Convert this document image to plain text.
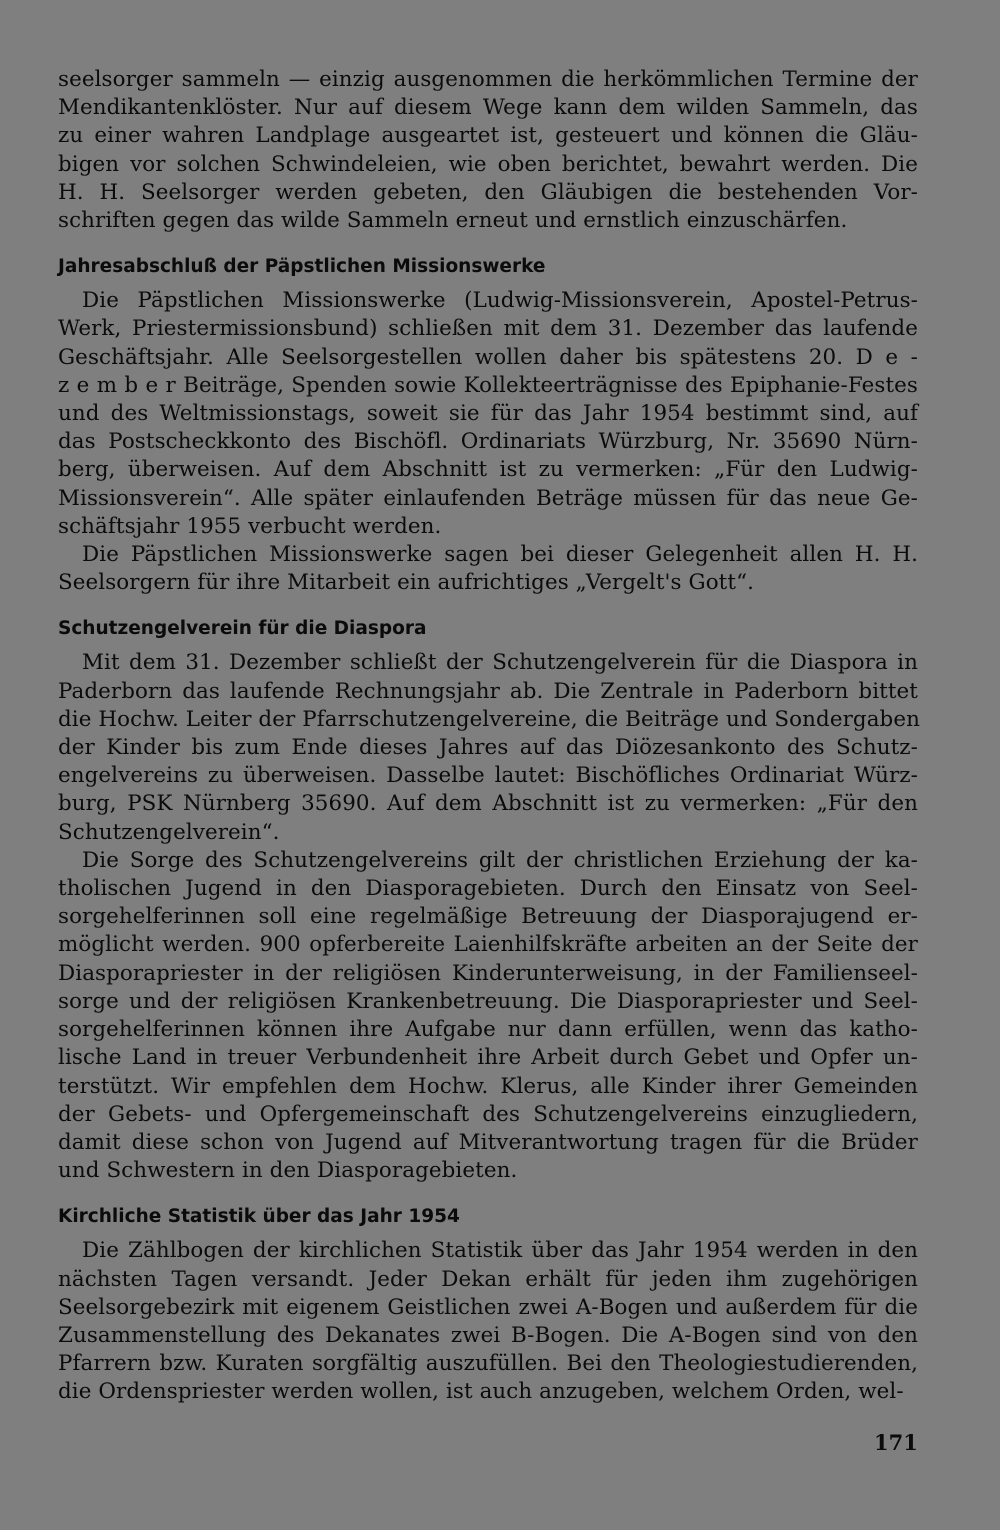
seelsorger sammeln — einzig ausgenommen die herkömmlichen Termine der
Mendikantenklöster. Nur auf diesem Wege kann dem wilden Sammeln, das
zu einer wahren Landplage ausgeartet ist, gesteuert und können die Gläu-
bigen vor solchen Schwindeleien, wie oben berichtet, bewahrt werden. Die
H. H. Seelsorger werden gebeten, den Gläubigen die bestehenden Vor-
schriften gegen das wilde Sammeln erneut und ernstlich einzuschärfen.

Jahresabschluß der Päpstlichen Missionswerke

Die Päpstlichen Missionswerke (Ludwig-Missionsverein, Apostel-Petrus-
Werk, Priestermissionsbund) schließen mit dem 31. Dezember das laufende
Geschäftsjahr. Alle Seelsorgestellen wollen daher bis spätestens 20. D e -
z e m b e r Beiträge, Spenden sowie Kollekteerträgnisse des Epiphanie-Festes
und des Weltmissionstags, soweit sie für das Jahr 1954 bestimmt sind, auf
das Postscheckkonto des Bischöfl. Ordinariats Würzburg, Nr. 35690 Nürn-
berg, überweisen. Auf dem Abschnitt ist zu vermerken: „Für den Ludwig-
Missionsverein“. Alle später einlaufenden Beträge müssen für das neue Ge-
schäftsjahr 1955 verbucht werden.

Die Päpstlichen Missionswerke sagen bei dieser Gelegenheit allen H. H.
Seelsorgern für ihre Mitarbeit ein aufrichtiges „Vergelt's Gott“.

Schutzengelverein für die Diaspora

Mit dem 31. Dezember schließt der Schutzengelverein für die Diaspora in
Paderborn das laufende Rechnungsjahr ab. Die Zentrale in Paderborn bittet
die Hochw. Leiter der Pfarrschutzengelvereine, die Beiträge und Sondergaben
der Kinder bis zum Ende dieses Jahres auf das Diözesankonto des Schutz-
engelvereins zu überweisen. Dasselbe lautet: Bischöfliches Ordinariat Würz-
burg, PSK Nürnberg 35690. Auf dem Abschnitt ist zu vermerken: „Für den
Schutzengelverein“.

Die Sorge des Schutzengelvereins gilt der christlichen Erziehung der ka-
tholischen Jugend in den Diasporagebieten. Durch den Einsatz von Seel-
sorgehelferinnen soll eine regelmäßige Betreuung der Diasporajugend er-
möglicht werden. 900 opferbereite Laienhilfskräfte arbeiten an der Seite der
Diasporapriester in der religiösen Kinderunterweisung, in der Familienseel-
sorge und der religiösen Krankenbetreuung. Die Diasporapriester und Seel-
sorgehelferinnen können ihre Aufgabe nur dann erfüllen, wenn das katho-
lische Land in treuer Verbundenheit ihre Arbeit durch Gebet und Opfer un-
terstützt. Wir empfehlen dem Hochw. Klerus, alle Kinder ihrer Gemeinden
der Gebets- und Opfergemeinschaft des Schutzengelvereins einzugliedern,
damit diese schon von Jugend auf Mitverantwortung tragen für die Brüder
und Schwestern in den Diasporagebieten.

Kirchliche Statistik über das Jahr 1954

Die Zählbogen der kirchlichen Statistik über das Jahr 1954 werden in den
nächsten Tagen versandt. Jeder Dekan erhält für jeden ihm zugehörigen
Seelsorgebezirk mit eigenem Geistlichen zwei A-Bogen und außerdem für die
Zusammenstellung des Dekanates zwei B-Bogen. Die A-Bogen sind von den
Pfarrern bzw. Kuraten sorgfältig auszufüllen. Bei den Theologiestudierenden,
die Ordenspriester werden wollen, ist auch anzugeben, welchem Orden, wel-

171
